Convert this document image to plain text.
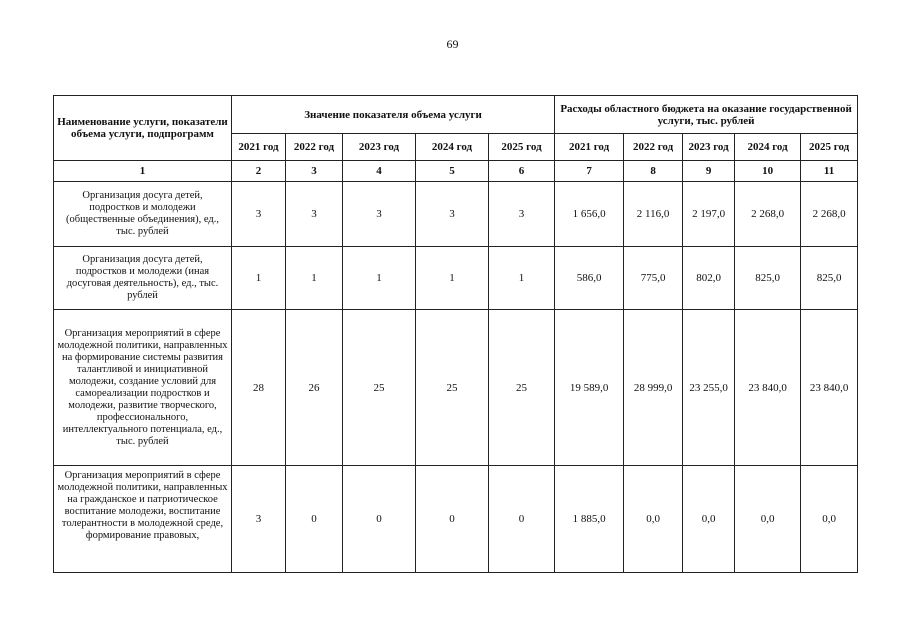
69
Наименование услуги, показатели объема услуги, подпрограмм	Значение показателя объема услуги					Расходы областного бюджета на оказание государственной услуги, тыс. рублей				
	2021 год	2022 год	2023 год	2024 год	2025 год	2021 год	2022 год	2023 год	2024 год	2025 год
1	2	3	4	5	6	7	8	9	10	11
Организация досуга детей, подростков и молодежи (общественные объединения), ед., тыс. рублей	3	3	3	3	3	1 656,0	2 116,0	2 197,0	2 268,0	2 268,0
Организация досуга детей, подростков и молодежи (иная досуговая деятельность), ед., тыс. рублей	1	1	1	1	1	586,0	775,0	802,0	825,0	825,0
Организация мероприятий в сфере молодежной политики, направленных на формирование системы развития талантливой и инициативной молодежи, создание условий для самореализации подростков и молодежи, развитие творческого, профессионального, интеллектуального потенциала, ед., тыс. рублей	28	26	25	25	25	19 589,0	28 999,0	23 255,0	23 840,0	23 840,0
Организация мероприятий в сфере молодежной политики, направленных на гражданское и патриотическое воспитание молодежи, воспитание толерантности в молодежной среде, формирование правовых,	3	0	0	0	0	1 885,0	0,0	0,0	0,0	0,0
